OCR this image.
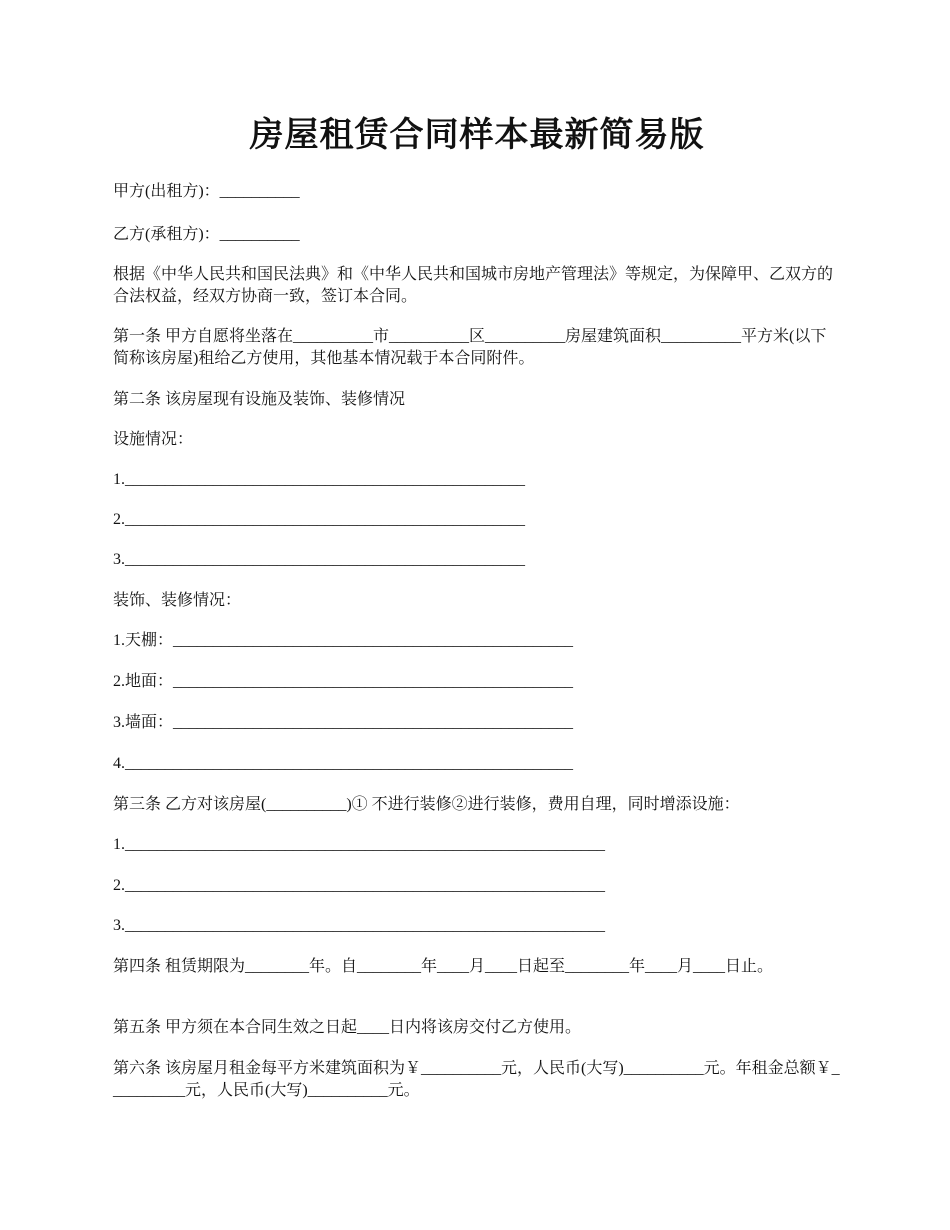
房屋租赁合同样本最新简易版

甲方(出租方)：__________

乙方(承租方)：__________

根据《中华人民共和国民法典》和《中华人民共和国城市房地产管理法》等规定，为保障甲、乙双方的合法权益，经双方协商一致，签订本合同。

第一条 甲方自愿将坐落在__________市__________区__________房屋建筑面积__________平方米(以下简称该房屋)租给乙方使用，其他基本情况载于本合同附件。

第二条 该房屋现有设施及装饰、装修情况

设施情况：

1.__________________________________________________

2.__________________________________________________

3.__________________________________________________

装饰、装修情况：

1.天棚：__________________________________________________

2.地面：__________________________________________________

3.墙面：__________________________________________________

4.________________________________________________________

第三条 乙方对该房屋(__________)① 不进行装修②进行装修，费用自理，同时增添设施：

1.____________________________________________________________

2.____________________________________________________________

3.____________________________________________________________

第四条 租赁期限为________年。自________年____月____日起至________年____月____日止。

第五条 甲方须在本合同生效之日起____日内将该房交付乙方使用。

第六条 该房屋月租金每平方米建筑面积为￥__________元，人民币(大写)__________元。年租金总额￥__________元，人民币(大写)__________元。
